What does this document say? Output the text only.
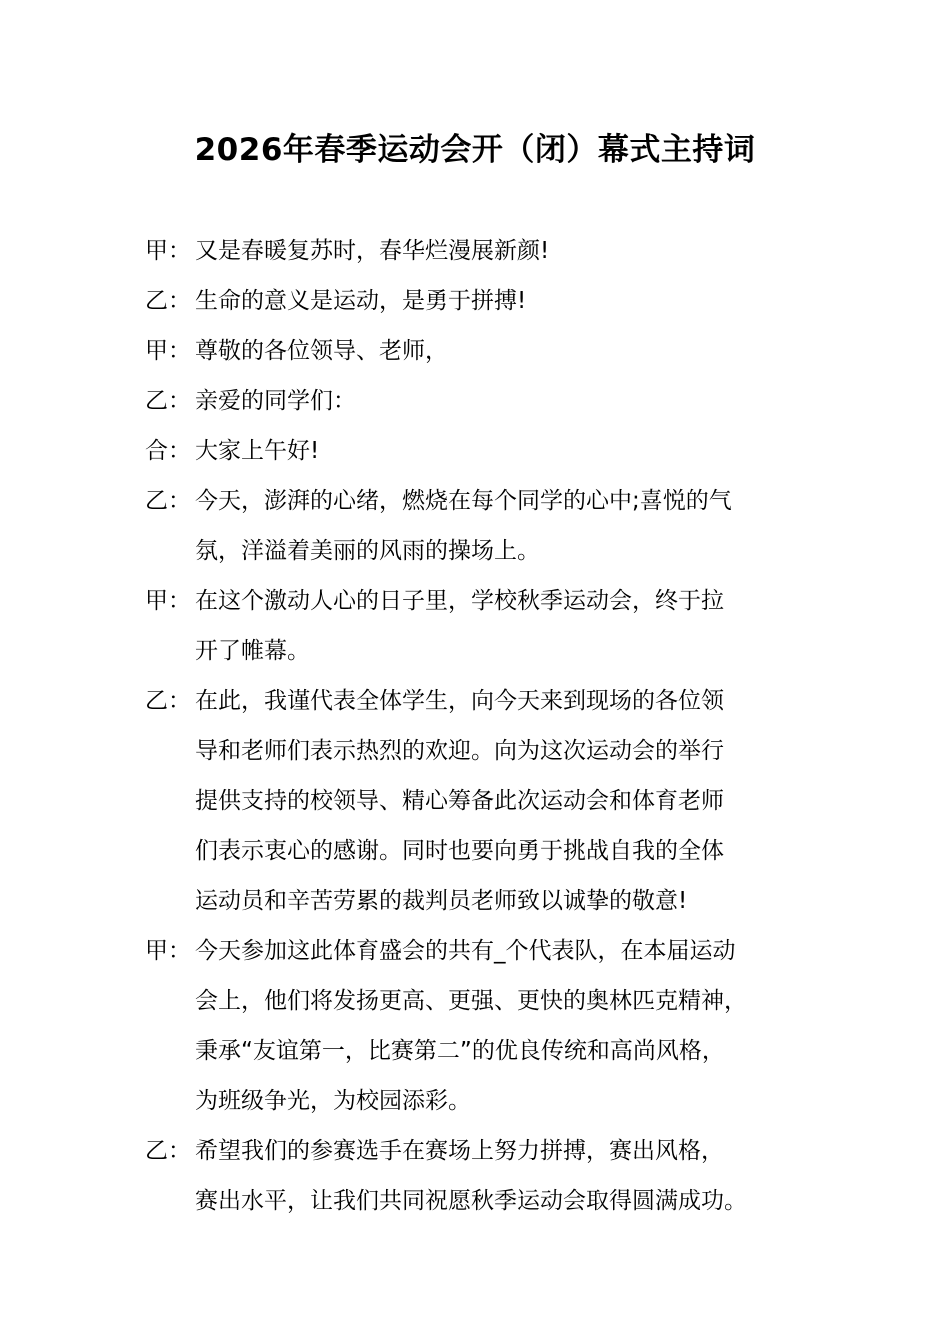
2026年春季运动会开（闭）幕式主持词
甲： 又是春暖复苏时，春华烂漫展新颜!
乙： 生命的意义是运动，是勇于拼搏!
甲： 尊敬的各位领导、老师，
乙： 亲爱的同学们：
合： 大家上午好!
乙： 今天，澎湃的心绪，燃烧在每个同学的心中;喜悦的气
氛，洋溢着美丽的风雨的操场上。
甲： 在这个激动人心的日子里，学校秋季运动会，终于拉
开了帷幕。
乙： 在此，我谨代表全体学生，向今天来到现场的各位领
导和老师们表示热烈的欢迎。向为这次运动会的举行
提供支持的校领导、精心筹备此次运动会和体育老师
们表示衷心的感谢。同时也要向勇于挑战自我的全体
运动员和辛苦劳累的裁判员老师致以诚挚的敬意!
甲： 今天参加这此体育盛会的共有_个代表队，在本届运动
会上，他们将发扬更高、更强、更快的奥林匹克精神，
秉承“友谊第一，比赛第二”的优良传统和高尚风格，
为班级争光，为校园添彩。
乙： 希望我们的参赛选手在赛场上努力拼搏，赛出风格，
赛出水平，让我们共同祝愿秋季运动会取得圆满成功。
